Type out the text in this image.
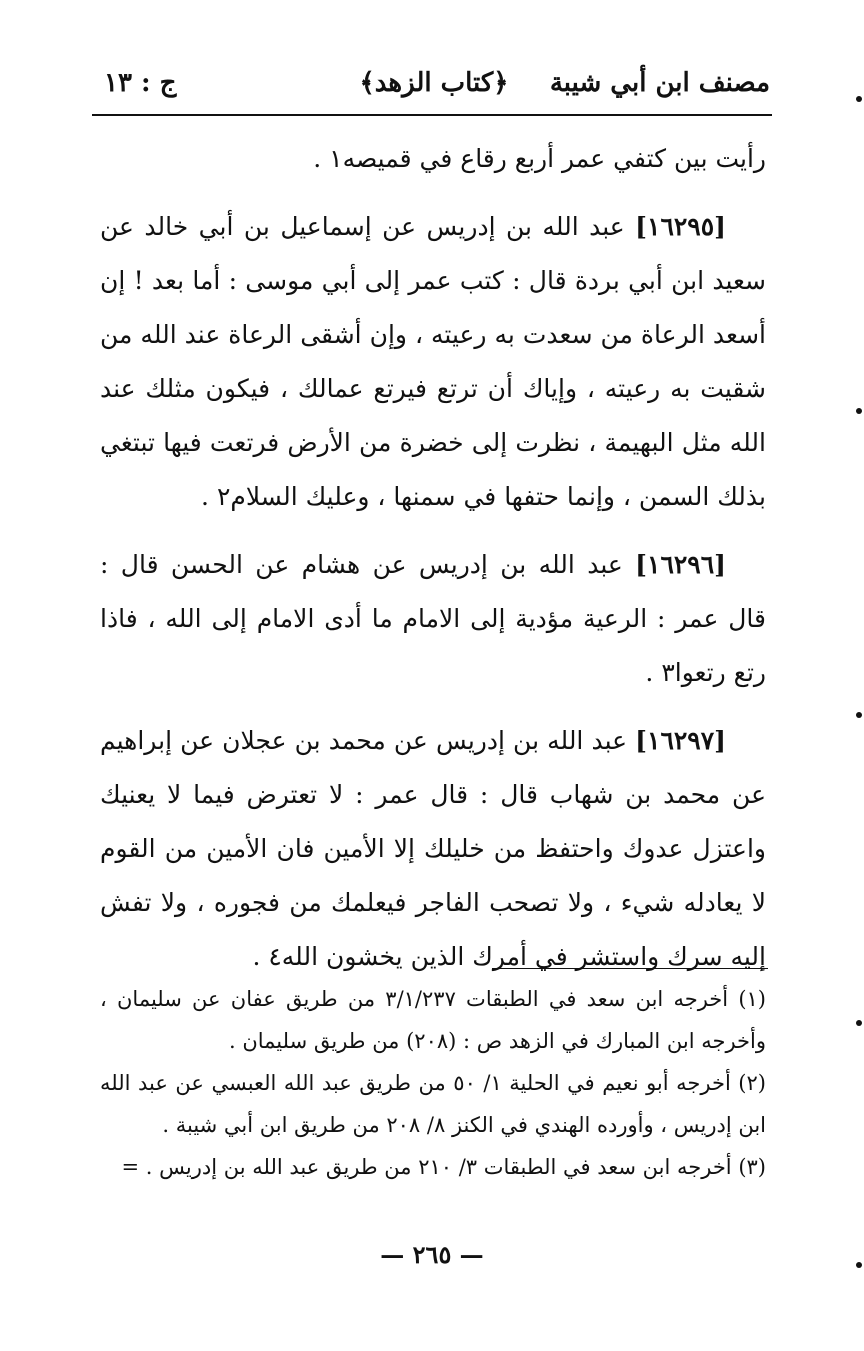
مصنف ابن أبي شيبة
﴿كتاب الزهد﴾
ج : ١٣

رأيت بين كتفي عمر أربع رقاع في قميصه١ .

[١٦٢٩٥] عبد الله بن إدريس عن إسماعيل بن أبي خالد عن سعيد ابن أبي بردة قال : كتب عمر إلى أبي موسى : أما بعد ! إن أسعد الرعاة من سعدت به رعيته ، وإن أشقى الرعاة عند الله من شقيت به رعيته ، وإياك أن ترتع فيرتع عمالك ، فيكون مثلك عند الله مثل البهيمة ، نظرت إلى خضرة من الأرض فرتعت فيها تبتغي بذلك السمن ، وإنما حتفها في سمنها ، وعليك السلام٢ .

[١٦٢٩٦] عبد الله بن إدريس عن هشام عن الحسن قال : قال عمر : الرعية مؤدية إلى الامام ما أدى الامام إلى الله ، فاذا رتع رتعوا٣ .

[١٦٢٩٧] عبد الله بن إدريس عن محمد بن عجلان عن إبراهيم عن محمد بن شهاب قال : قال عمر : لا تعترض فيما لا يعنيك واعتزل عدوك واحتفظ من خليلك إلا الأمين فان الأمين من القوم لا يعادله شيء ، ولا تصحب الفاجر فيعلمك من فجوره ، ولا تفش إليه سرك واستشر في أمرك الذين يخشون الله٤ .

(١) أخرجه ابن سعد في الطبقات ٣/١/٢٣٧ من طريق عفان عن سليمان ، وأخرجه ابن المبارك في الزهد ص : (٢٠٨) من طريق سليمان .

(٢) أخرجه أبو نعيم في الحلية ١/ ٥٠ من طريق عبد الله العبسي عن عبد الله ابن إدريس ، وأورده الهندي في الكنز ٨/ ٢٠٨ من طريق ابن أبي شيبة .

(٣) أخرجه ابن سعد في الطبقات ٣/ ٢١٠ من طريق عبد الله بن إدريس . =

— ٢٦٥ —
